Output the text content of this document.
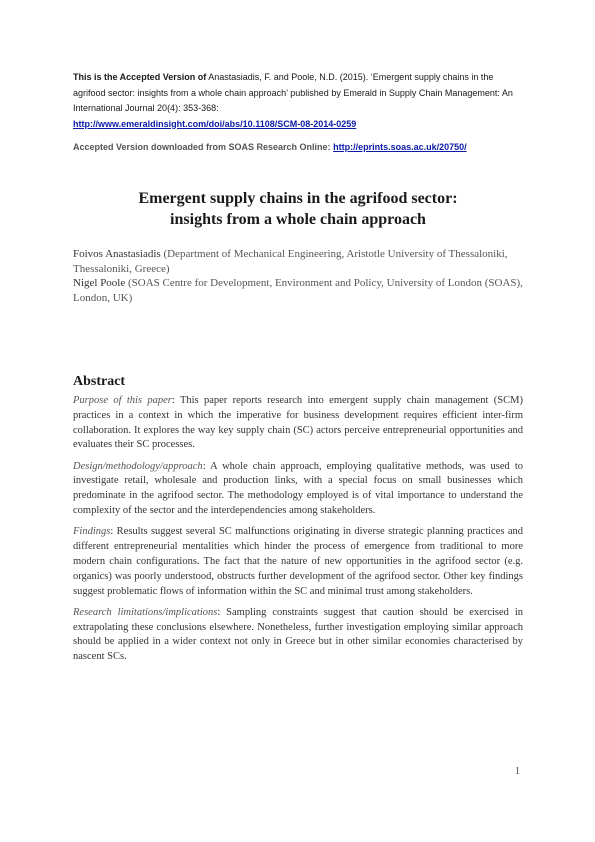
This is the Accepted Version of Anastasiadis, F. and Poole, N.D. (2015). ‘Emergent supply chains in the agrifood sector: insights from a whole chain approach’ published by Emerald in Supply Chain Management: An International Journal 20(4): 353-368:
http://www.emeraldinsight.com/doi/abs/10.1108/SCM-08-2014-0259
Accepted Version downloaded from SOAS Research Online: http://eprints.soas.ac.uk/20750/
Emergent supply chains in the agrifood sector:
insights from a whole chain approach
Foivos Anastasiadis (Department of Mechanical Engineering, Aristotle University of Thessaloniki, Thessaloniki, Greece)
Nigel Poole (SOAS Centre for Development, Environment and Policy, University of London (SOAS), London, UK)
Abstract

Purpose of this paper: This paper reports research into emergent supply chain management (SCM) practices in a context in which the imperative for business development requires efficient inter-firm collaboration. It explores the way key supply chain (SC) actors perceive entrepreneurial opportunities and evaluates their SC processes.

Design/methodology/approach: A whole chain approach, employing qualitative methods, was used to investigate retail, wholesale and production links, with a special focus on small businesses which predominate in the agrifood sector. The methodology employed is of vital importance to understand the complexity of the sector and the interdependencies among stakeholders.

Findings: Results suggest several SC malfunctions originating in diverse strategic planning practices and different entrepreneurial mentalities which hinder the process of emergence from traditional to more modern chain configurations. The fact that the nature of new opportunities in the agrifood sector (e.g. organics) was poorly understood, obstructs further development of the agrifood sector. Other key findings suggest problematic flows of information within the SC and minimal trust among stakeholders.

Research limitations/implications: Sampling constraints suggest that caution should be exercised in extrapolating these conclusions elsewhere. Nonetheless, further investigation employing similar approach should be applied in a wider context not only in Greece but in other similar economies characterised by nascent SCs.

1
